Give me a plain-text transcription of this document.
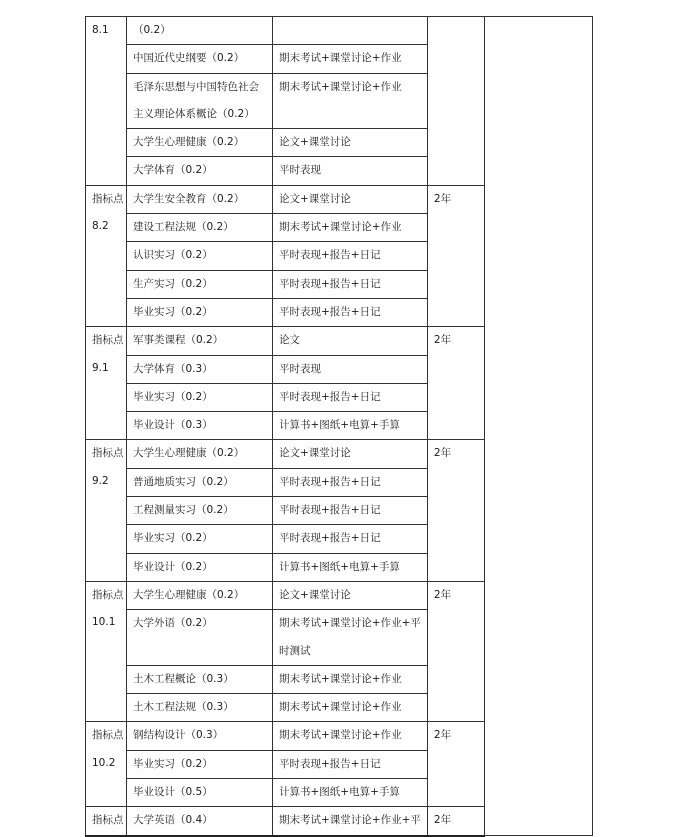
8.1	（0.2）			
	中国近代史纲要（0.2）	期末考试+课堂讨论+作业		

	毛泽东思想与中国特色社会
主义理论体系概论（0.2）	期末考试+课堂讨论+作业		
	大学生心理健康（0.2）	论文+课堂讨论		
	大学体育（0.2）	平时表现		

指标点
8.2	大学生安全教育（0.2）	论文+课堂讨论	2年	
	建设工程法规（0.2）	期末考试+课堂讨论+作业		
	认识实习（0.2）	平时表现+报告+日记		
	生产实习（0.2）	平时表现+报告+日记		
	毕业实习（0.2）	平时表现+报告+日记		

指标点
9.1	军事类课程（0.2）	论文	2年	
	大学体育（0.3）	平时表现		
	毕业实习（0.2）	平时表现+报告+日记		
	毕业设计（0.3）	计算书+图纸+电算+手算		

指标点
9.2	大学生心理健康（0.2）	论文+课堂讨论	2年	
	普通地质实习（0.2）	平时表现+报告+日记		
	工程测量实习（0.2）	平时表现+报告+日记		
	毕业实习（0.2）	平时表现+报告+日记		
	毕业设计（0.2）	计算书+图纸+电算+手算		

指标点
10.1	大学生心理健康（0.2）	论文+课堂讨论	2年	
	大学外语（0.2）	期末考试+课堂讨论+作业+平
时测试		

	土木工程概论（0.3）	期末考试+课堂讨论+作业		
	土木工程法规（0.3）	期末考试+课堂讨论+作业		

指标点
10.2	钢结构设计（0.3）	期末考试+课堂讨论+作业	2年	
	毕业实习（0.2）	平时表现+报告+日记		
	毕业设计（0.5）	计算书+图纸+电算+手算		

指标点	大学英语（0.4）	期末考试+课堂讨论+作业+平	2年	
